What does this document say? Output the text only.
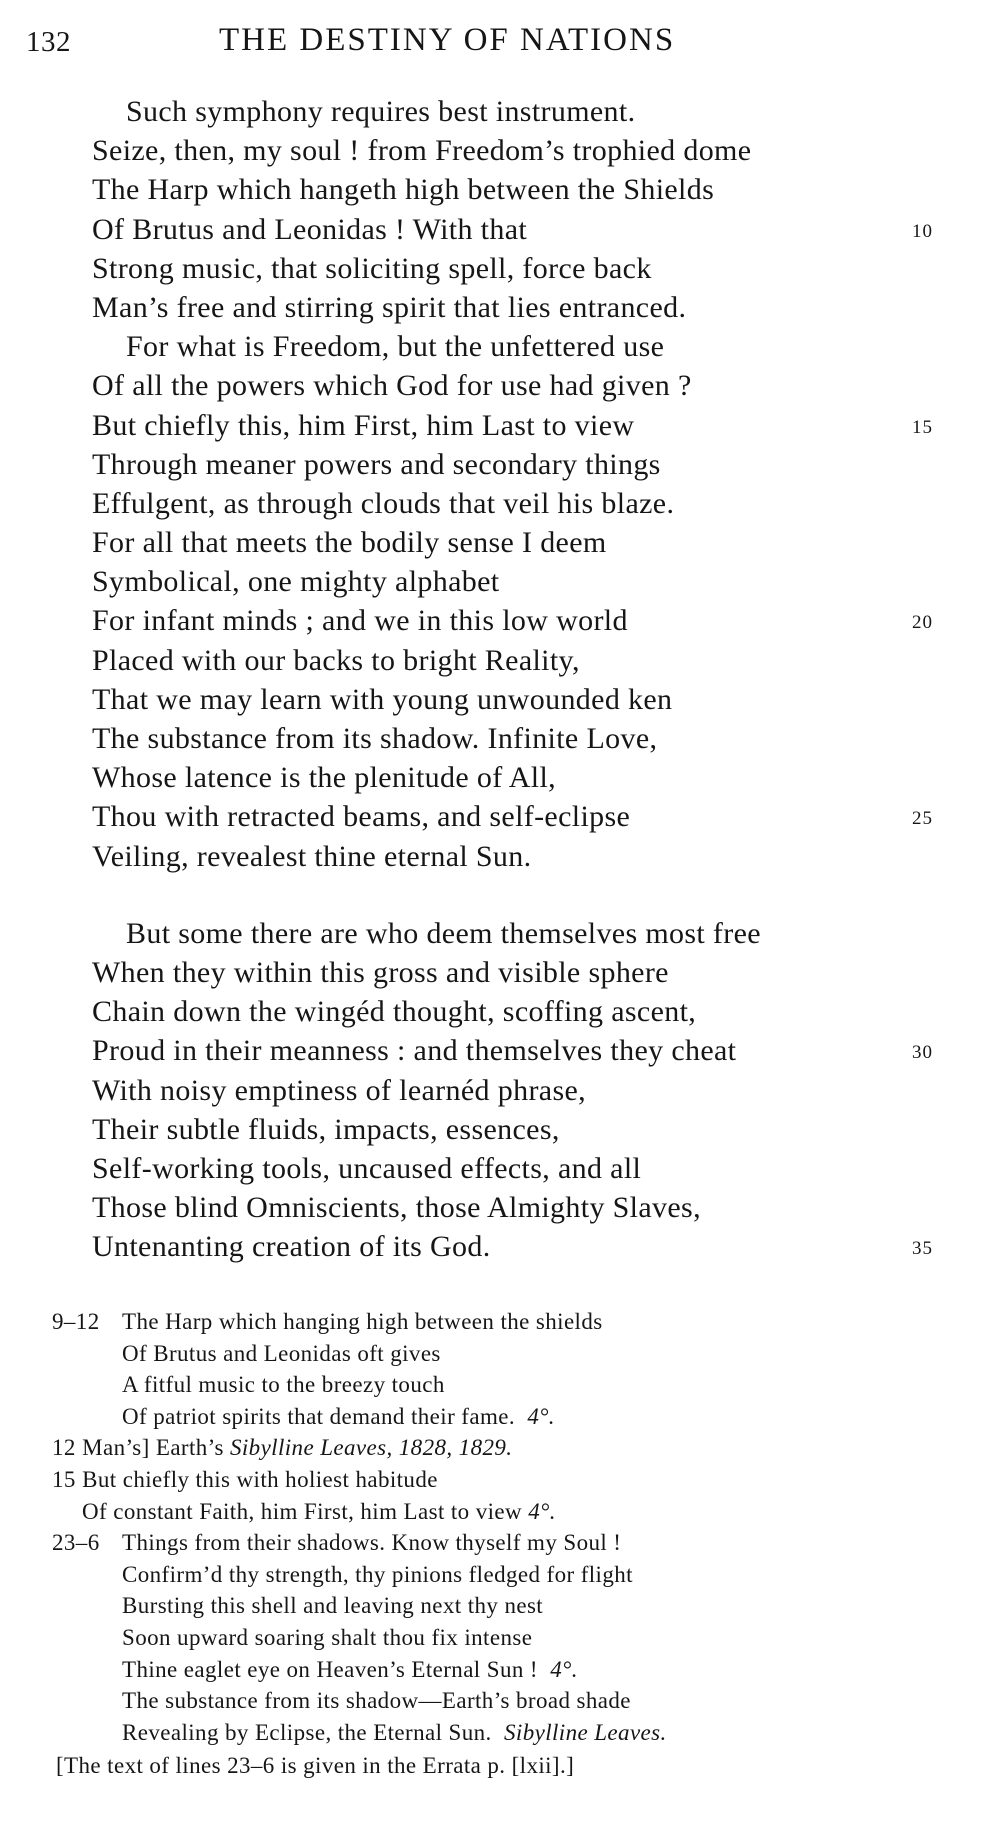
132	THE DESTINY OF NATIONS
Such symphony requires best instrument.
Seize, then, my soul ! from Freedom’s trophied dome
The Harp which hangeth high between the Shields
Of Brutus and Leonidas ! With that	10
Strong music, that soliciting spell, force back
Man’s free and stirring spirit that lies entranced.
For what is Freedom, but the unfettered use
Of all the powers which God for use had given ?
But chiefly this, him First, him Last to view	15
Through meaner powers and secondary things
Effulgent, as through clouds that veil his blaze.
For all that meets the bodily sense I deem
Symbolical, one mighty alphabet
For infant minds ; and we in this low world	20
Placed with our backs to bright Reality,
That we may learn with young unwounded ken
The substance from its shadow. Infinite Love,
Whose latence is the plenitude of All,
Thou with retracted beams, and self-eclipse	25
Veiling, revealest thine eternal Sun.
But some there are who deem themselves most free
When they within this gross and visible sphere
Chain down the wingéd thought, scoffing ascent,
Proud in their meanness : and themselves they cheat	30
With noisy emptiness of learnéd phrase,
Their subtle fluids, impacts, essences,
Self-working tools, uncaused effects, and all
Those blind Omniscients, those Almighty Slaves,
Untenanting creation of its God.	35
9–12 The Harp which hanging high between the shields
Of Brutus and Leonidas oft gives
A fitful music to the breezy touch
Of patriot spirits that demand their fame. 4°.
12 Man’s] Earth’s Sibylline Leaves, 1828, 1829.
15 But chiefly this with holiest habitude
Of constant Faith, him First, him Last to view 4°.
23–6 Things from their shadows. Know thyself my Soul !
Confirm’d thy strength, thy pinions fledged for flight
Bursting this shell and leaving next thy nest
Soon upward soaring shalt thou fix intense
Thine eaglet eye on Heaven’s Eternal Sun ! 4°.
The substance from its shadow—Earth’s broad shade
Revealing by Eclipse, the Eternal Sun. Sibylline Leaves.
[The text of lines 23–6 is given in the Errata p. [lxii].]
